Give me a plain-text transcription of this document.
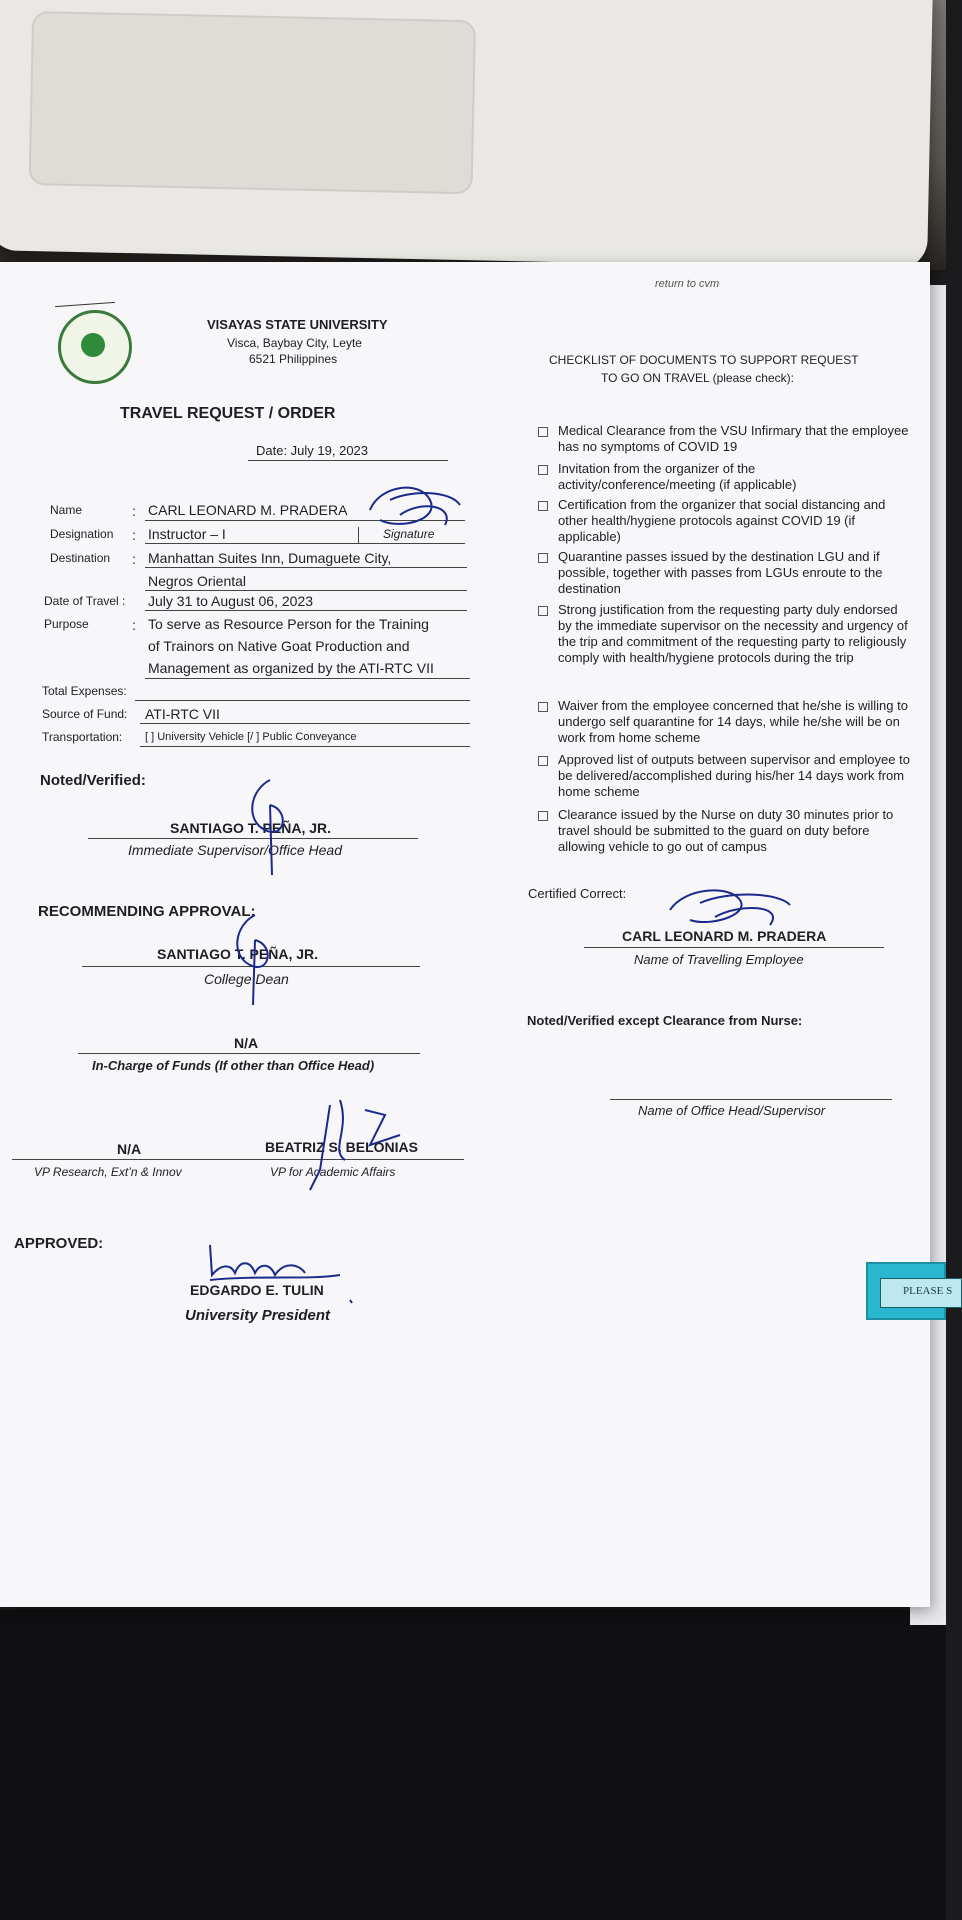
VISAYAS STATE UNIVERSITY
Visca, Baybay City, Leyte
6521 Philippines
return to cvm
TRAVEL REQUEST / ORDER
Date: July 19, 2023
Name	: CARL LEONARD M. PRADERA
Designation : Instructor – I	Signature
Destination : Manhattan Suites Inn, Dumaguete City,
Negros Oriental
Date of Travel : July 31 to August 06, 2023
Purpose	: To serve as Resource Person for the Training
of Trainors on Native Goat Production and
Management as organized by the ATI-RTC VII
Total Expenses:
Source of Fund: ATI-RTC VII
Transportation: [ ] University Vehicle [/ ] Public Conveyance
Noted/Verified:
SANTIAGO T. PEÑA, JR.
Immediate Supervisor/Office Head
RECOMMENDING APPROVAL:
SANTIAGO T. PEÑA, JR.
College Dean
N/A
In-Charge of Funds (If other than Office Head)
N/A	BEATRIZ S. BELONIAS
VP Research, Ext’n & Innov	VP for Academic Affairs
APPROVED:
EDGARDO E. TULIN
University President
CHECKLIST OF DOCUMENTS TO SUPPORT REQUEST
TO GO ON TRAVEL (please check):
Medical Clearance from the VSU Infirmary that the employee has no symptoms of COVID 19
Invitation from the organizer of the activity/conference/meeting (if applicable)
Certification from the organizer that social distancing and other health/hygiene protocols against COVID 19 (if applicable)
Quarantine passes issued by the destination LGU and if possible, together with passes from LGUs enroute to the destination
Strong justification from the requesting party duly endorsed by the immediate supervisor on the necessity and urgency of the trip and commitment of the requesting party to religiously comply with health/hygiene protocols during the trip
Waiver from the employee concerned that he/she is willing to undergo self quarantine for 14 days, while he/she will be on work from home scheme
Approved list of outputs between supervisor and employee to be delivered/accomplished during his/her 14 days work from home scheme
Clearance issued by the Nurse on duty 30 minutes prior to travel should be submitted to the guard on duty before allowing vehicle to go out of campus
Certified Correct:
CARL LEONARD M. PRADERA
Name of Travelling Employee
Noted/Verified except Clearance from Nurse:
Name of Office Head/Supervisor
PLEASE S
